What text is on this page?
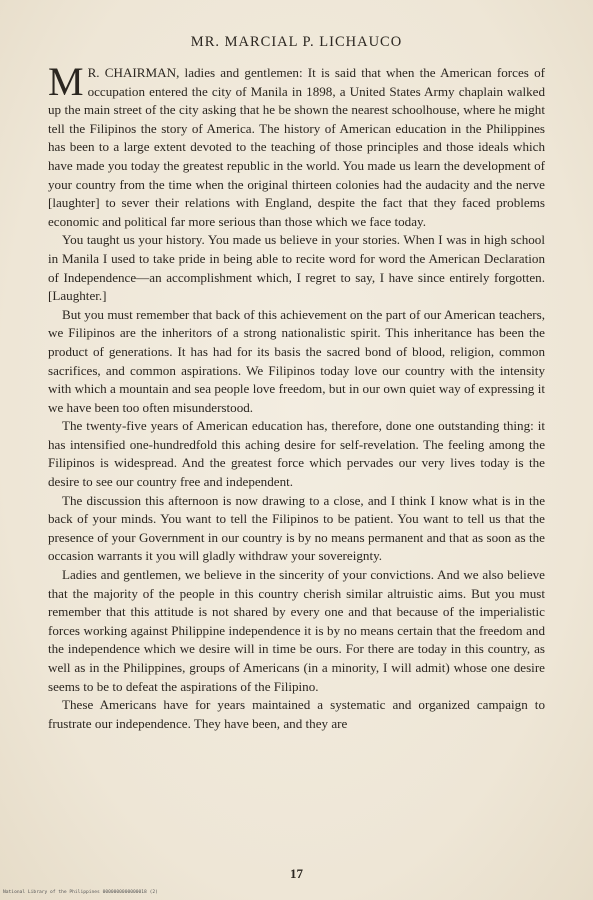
MR. MARCIAL P. LICHAUCO

M R. CHAIRMAN, ladies and gentlemen: It is said that when the American forces of occupation entered the city of Manila in 1898, a United States Army chaplain walked up the main street of the city asking that he be shown the nearest schoolhouse, where he might tell the Filipinos the story of America. The history of American education in the Philippines has been to a large extent devoted to the teaching of those principles and those ideals which have made you today the greatest republic in the world. You made us learn the development of your country from the time when the original thirteen colonies had the audacity and the nerve [laughter] to sever their relations with England, despite the fact that they faced problems economic and political far more serious than those which we face today.

You taught us your history. You made us believe in your stories. When I was in high school in Manila I used to take pride in being able to recite word for word the American Declaration of Independence—an accomplishment which, I regret to say, I have since entirely forgotten. [Laughter.]

But you must remember that back of this achievement on the part of our American teachers, we Filipinos are the inheritors of a strong nationalistic spirit. This inheritance has been the product of generations. It has had for its basis the sacred bond of blood, religion, common sacrifices, and common aspirations. We Filipinos today love our country with the intensity with which a mountain and sea people love freedom, but in our own quiet way of expressing it we have been too often misunderstood.

The twenty-five years of American education has, therefore, done one outstanding thing: it has intensified one-hundredfold this aching desire for self-revelation. The feeling among the Filipinos is widespread. And the greatest force which pervades our very lives today is the desire to see our country free and independent.

The discussion this afternoon is now drawing to a close, and I think I know what is in the back of your minds. You want to tell the Filipinos to be patient. You want to tell us that the presence of your Government in our country is by no means permanent and that as soon as the occasion warrants it you will gladly withdraw your sovereignty.

Ladies and gentlemen, we believe in the sincerity of your convictions. And we also believe that the majority of the people in this country cherish similar altruistic aims. But you must remember that this attitude is not shared by every one and that because of the imperialistic forces working against Philippine independence it is by no means certain that the freedom and the independence which we desire will in time be ours. For there are today in this country, as well as in the Philippines, groups of Americans (in a minority, I will admit) whose one desire seems to be to defeat the aspirations of the Filipino.

These Americans have for years maintained a systematic and organized campaign to frustrate our independence. They have been, and they are

17
National Library of the Philippines 0000000000000018 (2)
